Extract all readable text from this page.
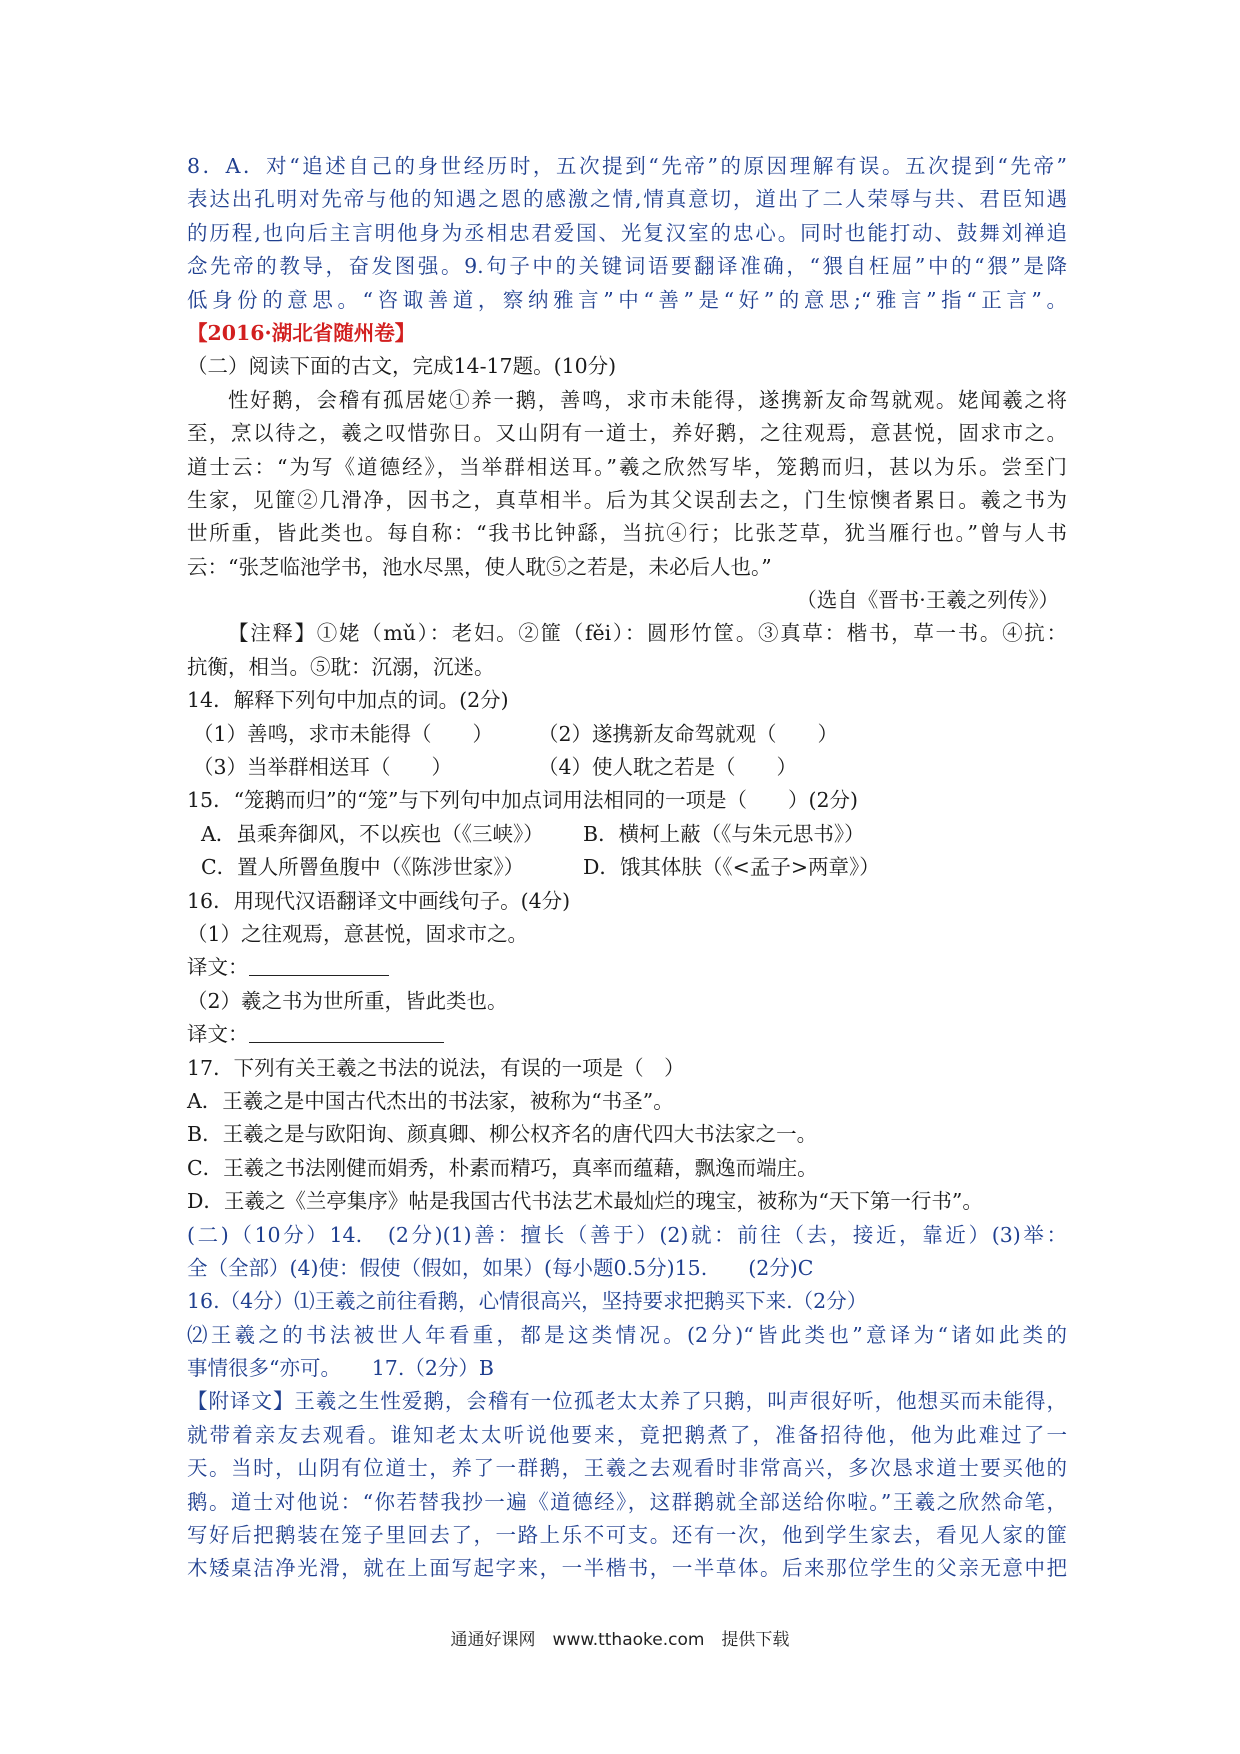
8．A．对“追述自己的身世经历时，五次提到“先帝”的原因理解有误。五次提到“先帝”
表达出孔明对先帝与他的知遇之恩的感激之情,情真意切，道出了二人荣辱与共、君臣知遇
的历程,也向后主言明他身为丞相忠君爱国、光复汉室的忠心。同时也能打动、鼓舞刘禅追
念先帝的教导，奋发图强。9.句子中的关键词语要翻译准确，“猥自枉屈”中的“猥”是降
低身份的意思。“咨诹善道，察纳雅言”中“善”是“好”的意思;“雅言”指“正言”。
【2016·湖北省随州卷】
（二）阅读下面的古文，完成14-17题。(10分)
性好鹅，会稽有孤居姥①养一鹅，善鸣，求市未能得，遂携新友命驾就观。姥闻羲之将
至，烹以待之，羲之叹惜弥日。又山阴有一道士，养好鹅，之往观焉，意甚悦，固求市之。
道士云：“为写《道德经》，当举群相送耳。”羲之欣然写毕，笼鹅而归，甚以为乐。尝至门
生家，见篚②几滑净，因书之，真草相半。后为其父误刮去之，门生惊懊者累日。羲之书为
世所重，皆此类也。每自称：“我书比钟繇，当抗④行；比张芝草，犹当雁行也。”曾与人书
云：“张芝临池学书，池水尽黑，使人耽⑤之若是，未必后人也。”
（选自《晋书·王羲之列传》）
【注释】①姥（mǔ）：老妇。②篚（fěi）：圆形竹筐。③真草：楷书，草一书。④抗：
抗衡，相当。⑤耽：沉溺，沉迷。
14．解释下列句中加点的词。(2分)
（1）善鸣，求市未能得（　　）	（2）遂携新友命驾就观（　　）
（3）当举群相送耳（　　）	（4）使人耽之若是（　　）
15．“笼鹅而归”的“笼”与下列句中加点词用法相同的一项是（　　）(2分)
A．虽乘奔御风，不以疾也（《三峡》）	B．横柯上蔽（《与朱元思书》）
C．置人所罾鱼腹中（《陈涉世家》）	D．饿其体肤（《<孟子>两章》）
16．用现代汉语翻译文中画线句子。(4分)
（1）之往观焉，意甚悦，固求市之。
译文：
（2）羲之书为世所重，皆此类也。
译文：
17．下列有关王羲之书法的说法，有误的一项是（　）
A．王羲之是中国古代杰出的书法家，被称为“书圣”。
B．王羲之是与欧阳询、颜真卿、柳公权齐名的唐代四大书法家之一。
C．王羲之书法刚健而娟秀，朴素而精巧，真率而蕴藉，飘逸而端庄。
D．王羲之《兰亭集序》帖是我国古代书法艺术最灿烂的瑰宝，被称为“天下第一行书”。
(二)（10分）14.　(2分)(1)善：擅长（善于）(2)就：前往（去，接近，靠近）(3)举：
全（全部）(4)使：假使（假如，如果）(每小题0.5分)15.　　(2分)C
16.（4分）⑴王羲之前往看鹅，心情很高兴，坚持要求把鹅买下来.（2分）
⑵王羲之的书法被世人年看重，都是这类情况。(2分)“皆此类也”意译为“诸如此类的
事情很多“亦可。　　17.（2分）B
【附译文】王羲之生性爱鹅，会稽有一位孤老太太养了只鹅，叫声很好听，他想买而未能得，
就带着亲友去观看。谁知老太太听说他要来，竟把鹅煮了，准备招待他，他为此难过了一
天。当时，山阴有位道士，养了一群鹅，王羲之去观看时非常高兴，多次恳求道士要买他的
鹅。道士对他说：“你若替我抄一遍《道德经》，这群鹅就全部送给你啦。”王羲之欣然命笔，
写好后把鹅装在笼子里回去了，一路上乐不可支。还有一次，他到学生家去，看见人家的篚
木矮桌洁净光滑，就在上面写起字来，一半楷书，一半草体。后来那位学生的父亲无意中把
通通好课网　www.tthaoke.com　提供下载
